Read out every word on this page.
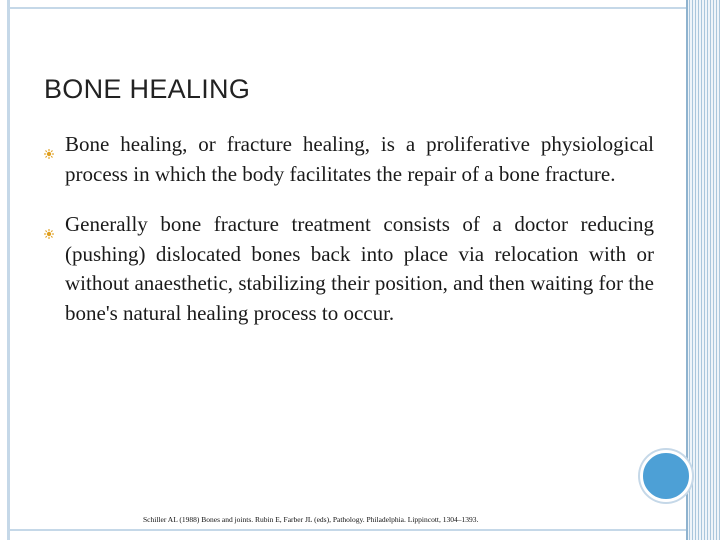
BONE HEALING
Bone healing, or fracture healing, is a proliferative physiological process in which the body facilitates the repair of a bone fracture.
Generally bone fracture treatment consists of a doctor reducing (pushing) dislocated bones back into place via relocation with or without anaesthetic, stabilizing their position, and then waiting for the bone's natural healing process to occur.
Schiller AL (1988) Bones and joints. Rubin E, Farber JL (eds), Pathology. Philadelphia. Lippincott, 1304–1393.
